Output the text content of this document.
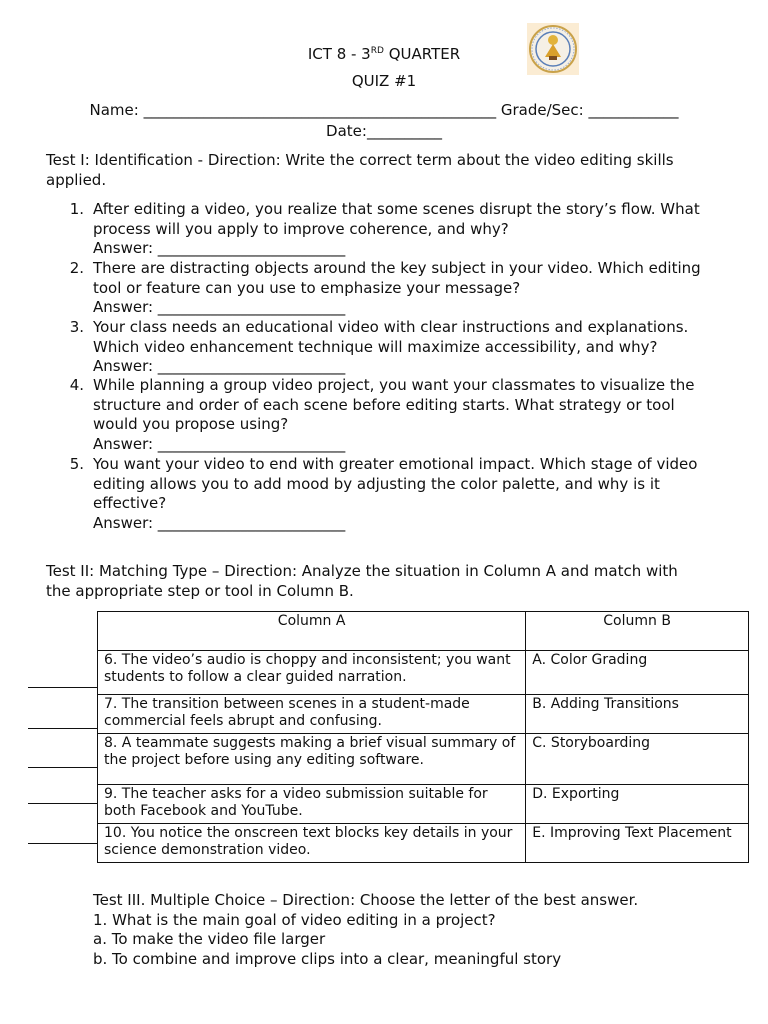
ICT 8 - 3RD QUARTER
QUIZ #1
Name: _______________________________________________ Grade/Sec: ____________
Date:__________
Test I: Identification - Direction: Write the correct term about the video editing skills
applied.
1. After editing a video, you realize that some scenes disrupt the story’s flow. What
process will you apply to improve coherence, and why?
Answer: _________________________
2. There are distracting objects around the key subject in your video. Which editing
tool or feature can you use to emphasize your message?
Answer: _________________________
3. Your class needs an educational video with clear instructions and explanations.
Which video enhancement technique will maximize accessibility, and why?
Answer: _________________________
4. While planning a group video project, you want your classmates to visualize the
structure and order of each scene before editing starts. What strategy or tool
would you propose using?
Answer: _________________________
5. You want your video to end with greater emotional impact. Which stage of video
editing allows you to add mood by adjusting the color palette, and why is it
effective?
Answer: _________________________
Test II: Matching Type – Direction: Analyze the situation in Column A and match with
the appropriate step or tool in Column B.
Column A	Column B
6. The video’s audio is choppy and inconsistent; you want students to follow a clear guided narration.	A. Color Grading
7. The transition between scenes in a student-made commercial feels abrupt and confusing.	B. Adding Transitions
8. A teammate suggests making a brief visual summary of the project before using any editing software.	C. Storyboarding
9. The teacher asks for a video submission suitable for both Facebook and YouTube.	D. Exporting
10. You notice the onscreen text blocks key details in your science demonstration video.	E. Improving Text Placement
Test III. Multiple Choice – Direction: Choose the letter of the best answer.
1. What is the main goal of video editing in a project?
a. To make the video file larger
b. To combine and improve clips into a clear, meaningful story
